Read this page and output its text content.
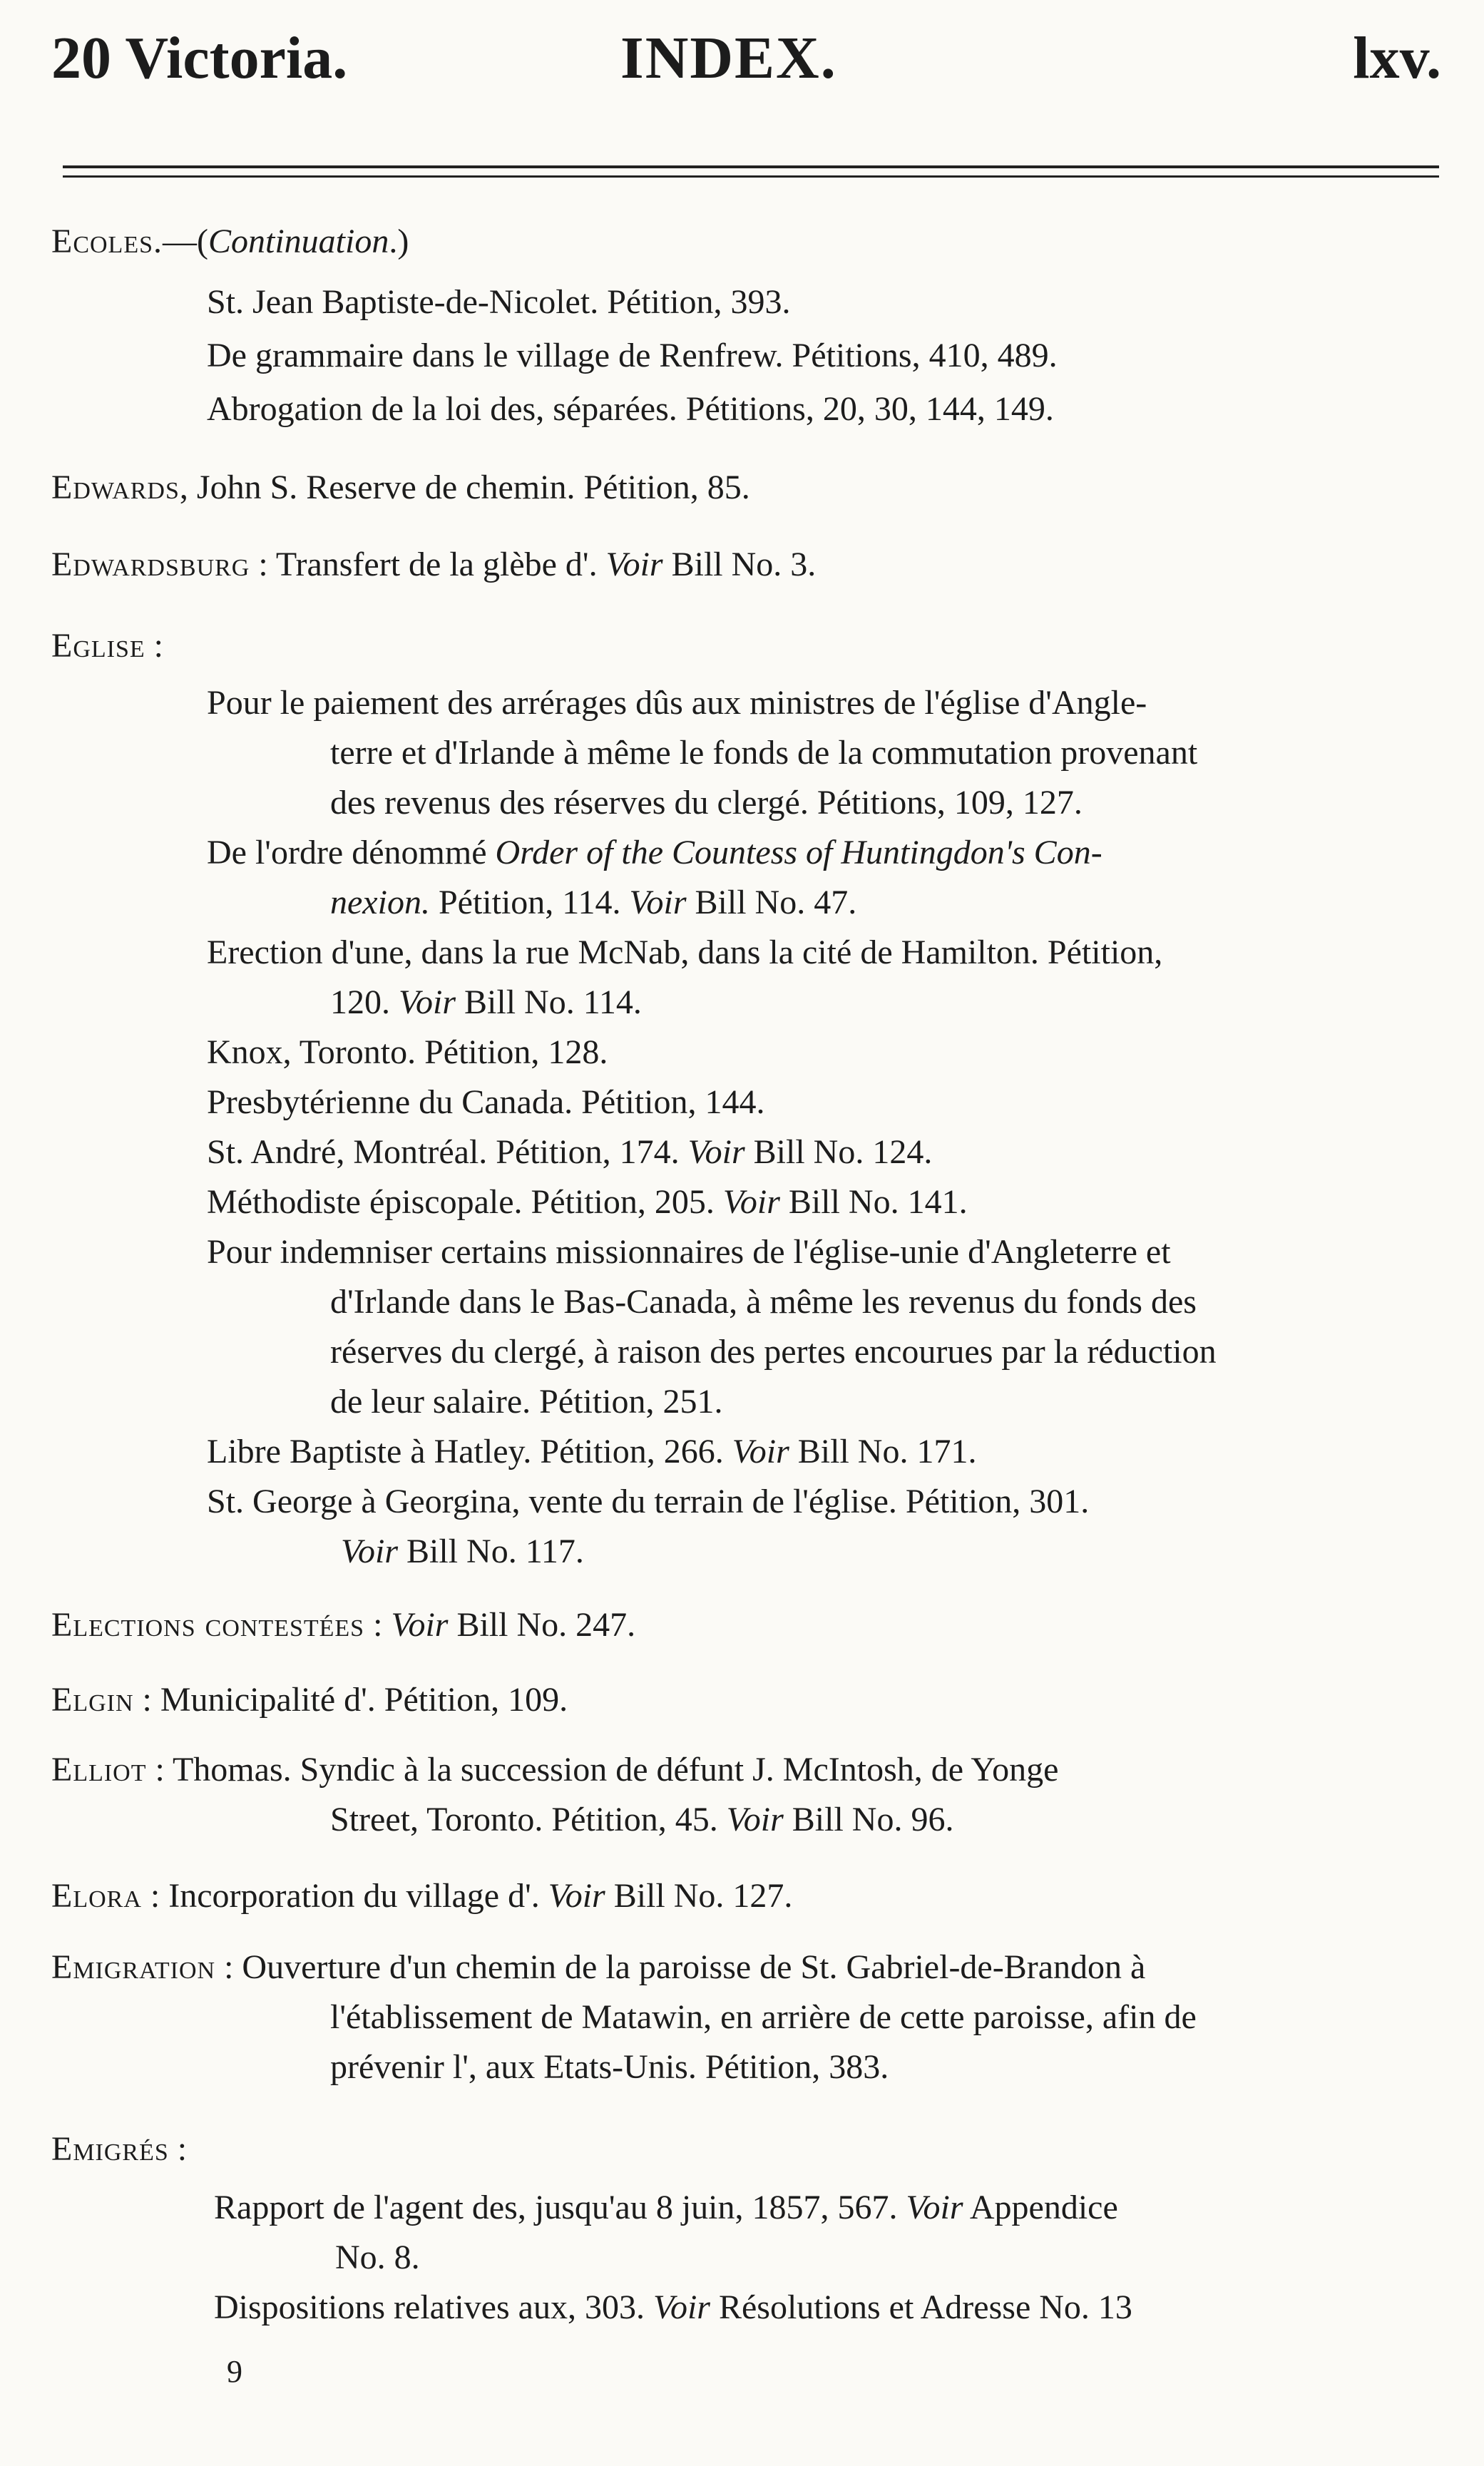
20 Victoria.	INDEX.	lxv.
Ecoles.—(Continuation.)
St. Jean Baptiste-de-Nicolet. Pétition, 393.
De grammaire dans le village de Renfrew. Pétitions, 410, 489.
Abrogation de la loi des, séparées. Pétitions, 20, 30, 144, 149.
Edwards, John S. Reserve de chemin. Pétition, 85.
Edwardsburg : Transfert de la glèbe d'. Voir Bill No. 3.
Eglise :
Pour le paiement des arrérages dûs aux ministres de l'église d'Angle-
terre et d'Irlande à même le fonds de la commutation provenant
des revenus des réserves du clergé. Pétitions, 109, 127.
De l'ordre dénommé Order of the Countess of Huntingdon's Con-
nexion. Pétition, 114. Voir Bill No. 47.
Erection d'une, dans la rue McNab, dans la cité de Hamilton. Pétition,
120. Voir Bill No. 114.
Knox, Toronto. Pétition, 128.
Presbytérienne du Canada. Pétition, 144.
St. André, Montréal. Pétition, 174. Voir Bill No. 124.
Méthodiste épiscopale. Pétition, 205. Voir Bill No. 141.
Pour indemniser certains missionnaires de l'église-unie d'Angleterre et
d'Irlande dans le Bas-Canada, à même les revenus du fonds des
réserves du clergé, à raison des pertes encourues par la réduction
de leur salaire. Pétition, 251.
Libre Baptiste à Hatley. Pétition, 266. Voir Bill No. 171.
St. George à Georgina, vente du terrain de l'église. Pétition, 301.
Voir Bill No. 117.
Elections contestées : Voir Bill No. 247.
Elgin : Municipalité d'. Pétition, 109.
Elliot : Thomas. Syndic à la succession de défunt J. McIntosh, de Yonge
Street, Toronto. Pétition, 45. Voir Bill No. 96.
Elora : Incorporation du village d'. Voir Bill No. 127.
Emigration : Ouverture d'un chemin de la paroisse de St. Gabriel-de-Brandon à
l'établissement de Matawin, en arrière de cette paroisse, afin de
prévenir l', aux Etats-Unis. Pétition, 383.
Emigrés :
Rapport de l'agent des, jusqu'au 8 juin, 1857, 567. Voir Appendice
No. 8.
Dispositions relatives aux, 303. Voir Résolutions et Adresse No. 13
9
